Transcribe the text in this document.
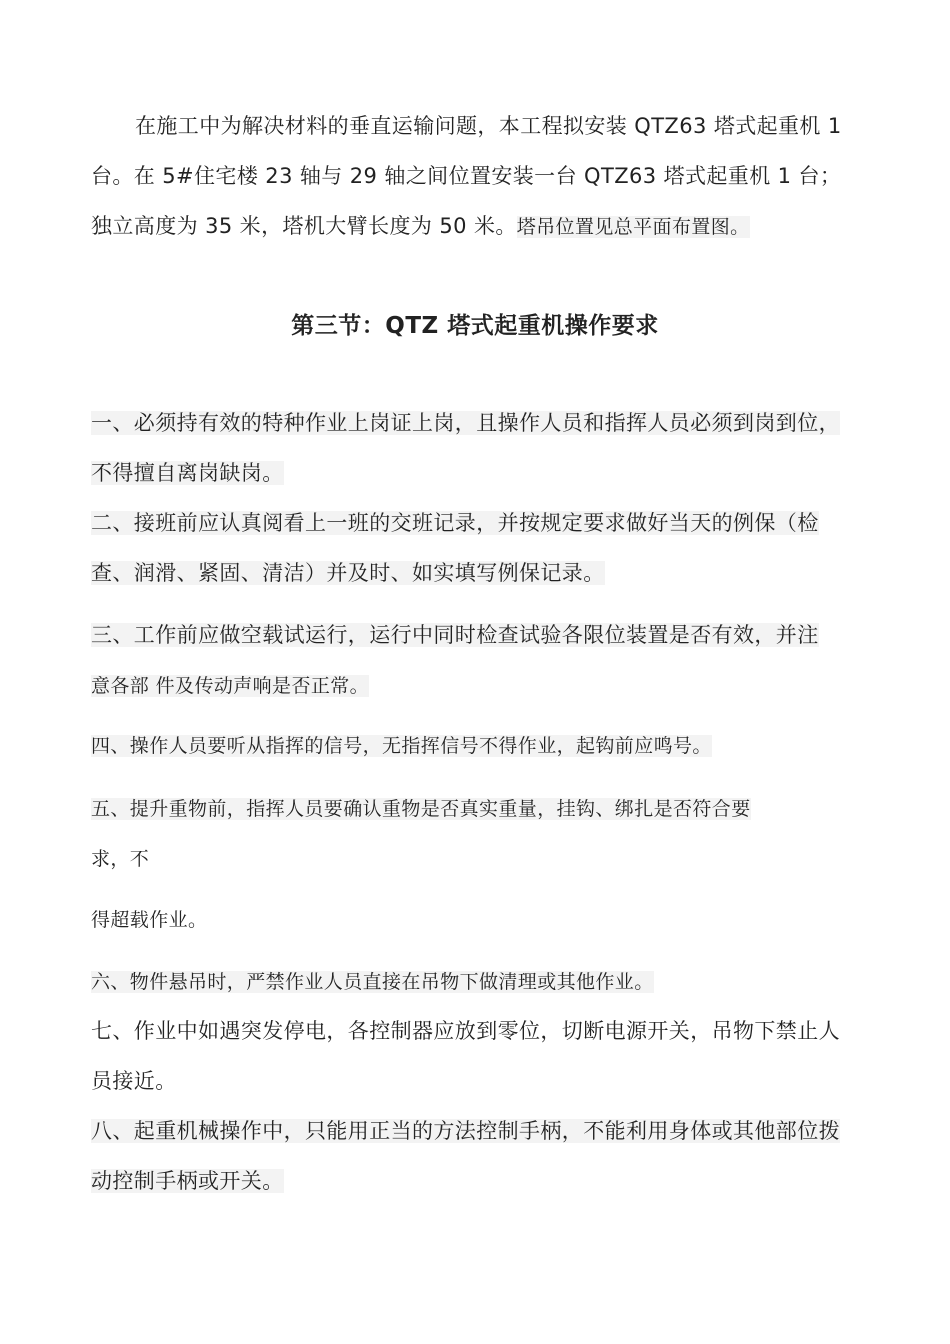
在施工中为解决材料的垂直运输问题，本工程拟安装 QTZ63 塔式起重机 1 台。在 5#住宅楼 23 轴与 29 轴之间位置安装一台 QTZ63 塔式起重机 1 台；独立高度为 35 米，塔机大臂长度为 50 米。塔吊位置见总平面布置图。

第三节：QTZ 塔式起重机操作要求

一、必须持有效的特种作业上岗证上岗，且操作人员和指挥人员必须到岗到位，不得擅自离岗缺岗。

二、接班前应认真阅看上一班的交班记录，并按规定要求做好当天的例保（检查、润滑、紧固、清洁）并及时、如实填写例保记录。

三、工作前应做空载试运行，运行中同时检查试验各限位装置是否有效，并注
意各部 件及传动声响是否正常。

四、操作人员要听从指挥的信号，无指挥信号不得作业，起钩前应鸣号。

五、提升重物前，指挥人员要确认重物是否真实重量，挂钩、绑扎是否符合要
求，不

得超载作业。

六、物件悬吊时，严禁作业人员直接在吊物下做清理或其他作业。

七、作业中如遇突发停电，各控制器应放到零位，切断电源开关，吊物下禁止人员接近。

八、起重机械操作中，只能用正当的方法控制手柄，不能利用身体或其他部位拨动控制手柄或开关。
